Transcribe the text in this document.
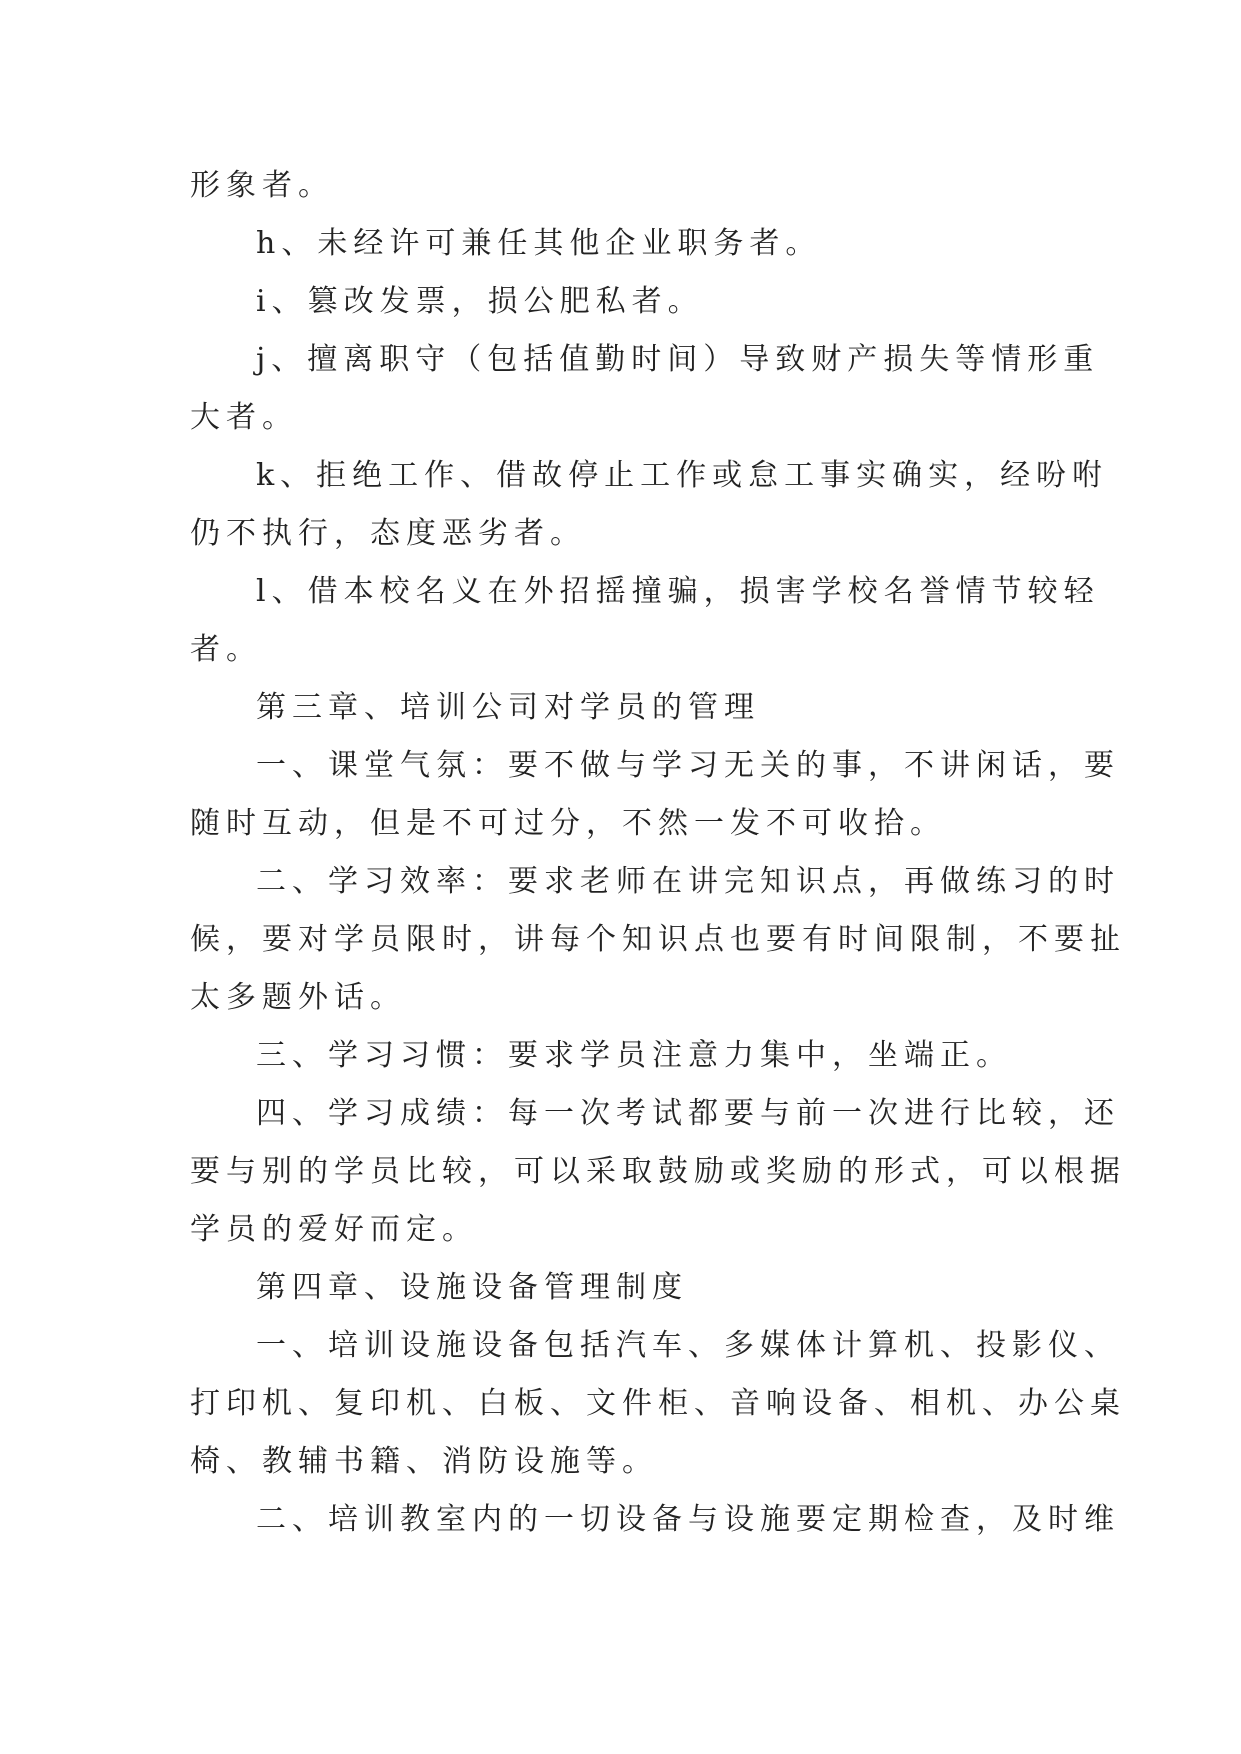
形象者。
h、未经许可兼任其他企业职务者。
i、篡改发票，损公肥私者。
j、擅离职守（包括值勤时间）导致财产损失等情形重
大者。
k、拒绝工作、借故停止工作或怠工事实确实，经吩咐
仍不执行，态度恶劣者。
l、借本校名义在外招摇撞骗，损害学校名誉情节较轻
者。
第三章、培训公司对学员的管理
一、课堂气氛：要不做与学习无关的事，不讲闲话，要
随时互动，但是不可过分，不然一发不可收拾。
二、学习效率：要求老师在讲完知识点，再做练习的时
候，要对学员限时，讲每个知识点也要有时间限制，不要扯
太多题外话。
三、学习习惯：要求学员注意力集中，坐端正。
四、学习成绩：每一次考试都要与前一次进行比较，还
要与别的学员比较，可以采取鼓励或奖励的形式，可以根据
学员的爱好而定。
第四章、设施设备管理制度
一、培训设施设备包括汽车、多媒体计算机、投影仪、
打印机、复印机、白板、文件柜、音响设备、相机、办公桌
椅、教辅书籍、消防设施等。
二、培训教室内的一切设备与设施要定期检查，及时维
